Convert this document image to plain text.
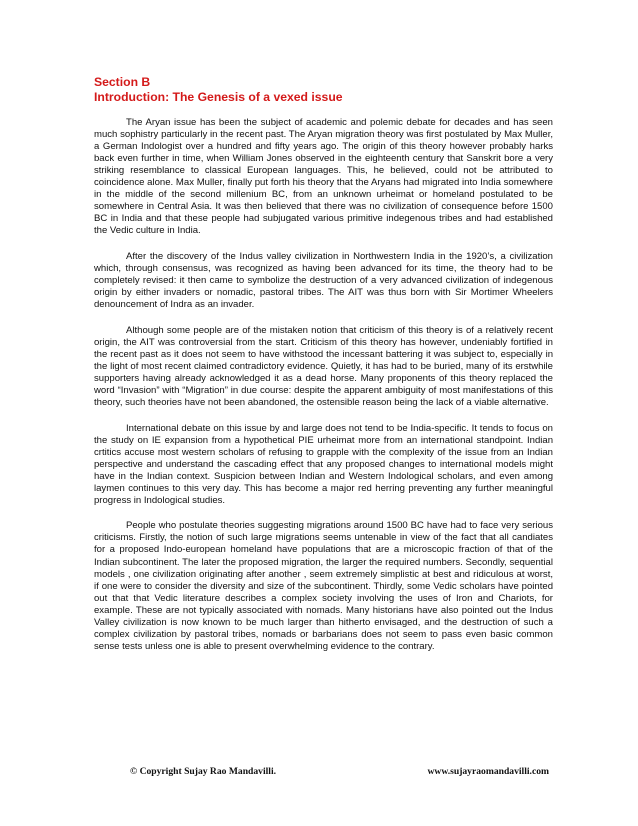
Section B
Introduction: The Genesis of a vexed issue

The Aryan issue has been the subject of academic and polemic debate for decades and has seen much sophistry particularly in the recent past. The Aryan migration theory was first postulated by Max Muller, a German Indologist over a hundred and fifty years ago. The origin of this theory however probably harks back even further in time, when William Jones observed in the eighteenth century that Sanskrit bore a very striking resemblance to classical European languages. This, he believed, could not be attributed to coincidence alone. Max Muller, finally put forth his theory that the Aryans had migrated into India somewhere in the middle of the second millenium BC, from an unknown urheimat or homeland postulated to be somewhere in Central Asia. It was then believed that there was no civilization of consequence before 1500 BC in India and that these people had subjugated various primitive indegenous tribes and had established the Vedic culture in India.

After the discovery of the Indus valley civilization in Northwestern India in the 1920’s, a civilization which, through consensus, was recognized as having been advanced for its time, the theory had to be completely revised: it then came to symbolize the destruction of a very advanced civilization of indegenous origin by either invaders or nomadic, pastoral tribes. The AIT was thus born with Sir Mortimer Wheelers denouncement of Indra as an invader.

Although some people are of the mistaken notion that criticism of this theory is of a relatively recent origin, the AIT was controversial from the start. Criticism of this theory has however, undeniably fortified in the recent past as it does not seem to have withstood the incessant battering it was subject to, especially in the light of most recent claimed contradictory evidence. Quietly, it has had to be buried, many of its erstwhile supporters having already acknowledged it as a dead horse. Many proponents of this theory replaced the word “Invasion” with “Migration” in due course: despite the apparent ambiguity of most manifestations of this theory, such theories have not been abandoned, the ostensible reason being the lack of a viable alternative.

International debate on this issue by and large does not tend to be India-specific. It tends to focus on the study on IE expansion from a hypothetical PIE urheimat more from an international standpoint. Indian crtitics accuse most western scholars of refusing to grapple with the complexity of the issue from an Indian perspective and understand the cascading effect that any proposed changes to international models might have in the Indian context. Suspicion between Indian and Western Indological scholars, and even among laymen continues to this very day. This has become a major red herring preventing any further meaningful progress in Indological studies.

People who postulate theories suggesting migrations around 1500 BC have had to face very serious criticisms. Firstly, the notion of such large migrations seems untenable in view of the fact that all candiates for a proposed Indo-european homeland have populations that are a microscopic fraction of that of the Indian subcontinent. The later the proposed migration, the larger the required numbers. Secondly, sequential models , one civilization originating after another , seem extremely simplistic at best and ridiculous at worst, if one were to consider the diversity and size of the subcontinent. Thirdly, some Vedic scholars have pointed out that that Vedic literature describes a complex society involving the uses of Iron and Chariots, for example. These are not typically associated with nomads. Many historians have also pointed out the Indus Valley civilization is now known to be much larger than hitherto envisaged, and the destruction of such a complex civilization by pastoral tribes, nomads or barbarians does not seem to pass even basic common sense tests unless one is able to present overwhelming evidence to the contrary.

© Copyright Sujay Rao Mandavilli.	www.sujayraomandavilli.com
